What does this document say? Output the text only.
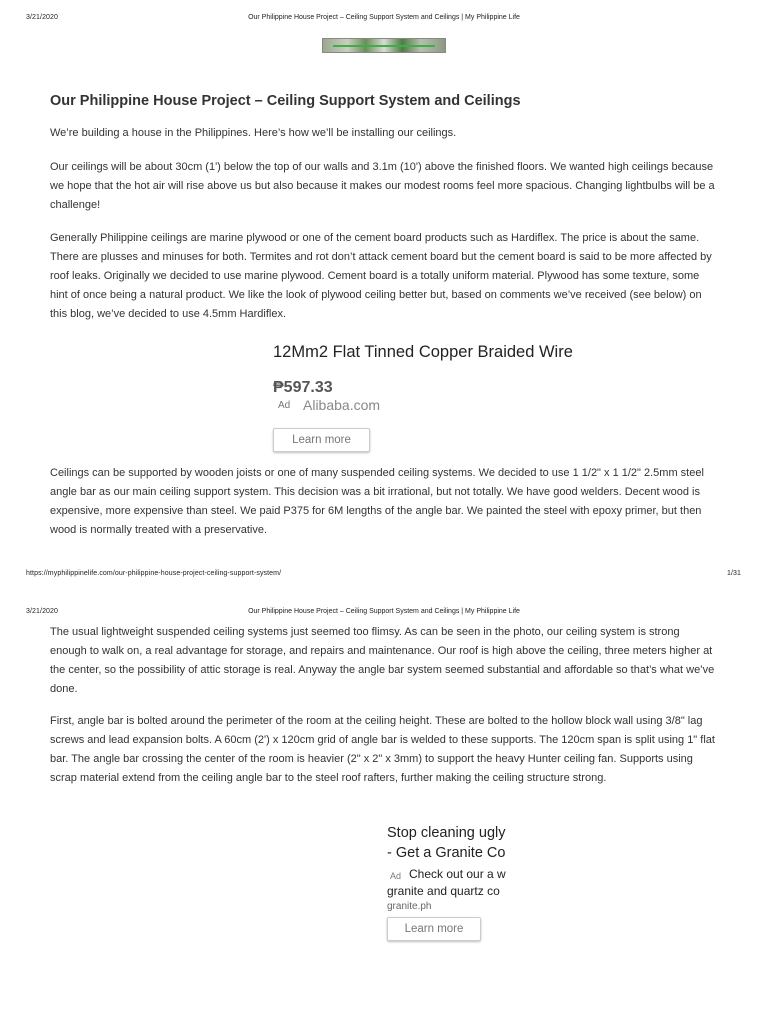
3/21/2020	Our Philippine House Project – Ceiling Support System and Ceilings | My Philippine Life
Our Philippine House Project – Ceiling Support System and Ceilings

We’re building a house in the Philippines. Here’s how we’ll be installing our ceilings.

Our ceilings will be about 30cm (1') below the top of our walls and 3.1m (10') above the finished floors. We wanted high ceilings because we hope that the hot air will rise above us but also because it makes our modest rooms feel more spacious. Changing lightbulbs will be a challenge!

Generally Philippine ceilings are marine plywood or one of the cement board products such as Hardiflex. The price is about the same. There are plusses and minuses for both. Termites and rot don’t attack cement board but the cement board is said to be more affected by roof leaks. Originally we decided to use marine plywood. Cement board is a totally uniform material. Plywood has some texture, some hint of once being a natural product. We like the look of plywood ceiling better but, based on comments we’ve received (see below) on this blog, we’ve decided to use 4.5mm Hardiflex.

12Mm2 Flat Tinned Copper Braided Wire
₱597.33
Ad Alibaba.com
Learn more

Ceilings can be supported by wooden joists or one of many suspended ceiling systems. We decided to use 1 1/2" x 1 1/2" 2.5mm steel angle bar as our main ceiling support system. This decision was a bit irrational, but not totally. We have good welders. Decent wood is expensive, more expensive than steel. We paid P375 for 6M lengths of the angle bar. We painted the steel with epoxy primer, but then wood is normally treated with a preservative.

https://myphilippinelife.com/our-philippine-house-project-ceiling-support-system/	1/31
3/21/2020	Our Philippine House Project – Ceiling Support System and Ceilings | My Philippine Life

The usual lightweight suspended ceiling systems just seemed too flimsy. As can be seen in the photo, our ceiling system is strong enough to walk on, a real advantage for storage, and repairs and maintenance. Our roof is high above the ceiling, three meters higher at the center, so the possibility of attic storage is real. Anyway the angle bar system seemed substantial and affordable so that’s what we’ve done.

First, angle bar is bolted around the perimeter of the room at the ceiling height. These are bolted to the hollow block wall using 3/8" lag screws and lead expansion bolts. A 60cm (2') x 120cm grid of angle bar is welded to these supports. The 120cm span is split using 1" flat bar. The angle bar crossing the center of the room is heavier (2" x 2" x 3mm) to support the heavy Hunter ceiling fan. Supports using scrap material extend from the ceiling angle bar to the steel roof rafters, further making the ceiling structure strong.

Stop cleaning ugly
- Get a Granite Co
Ad Check out our a w
granite and quartz co
granite.ph
Learn more
